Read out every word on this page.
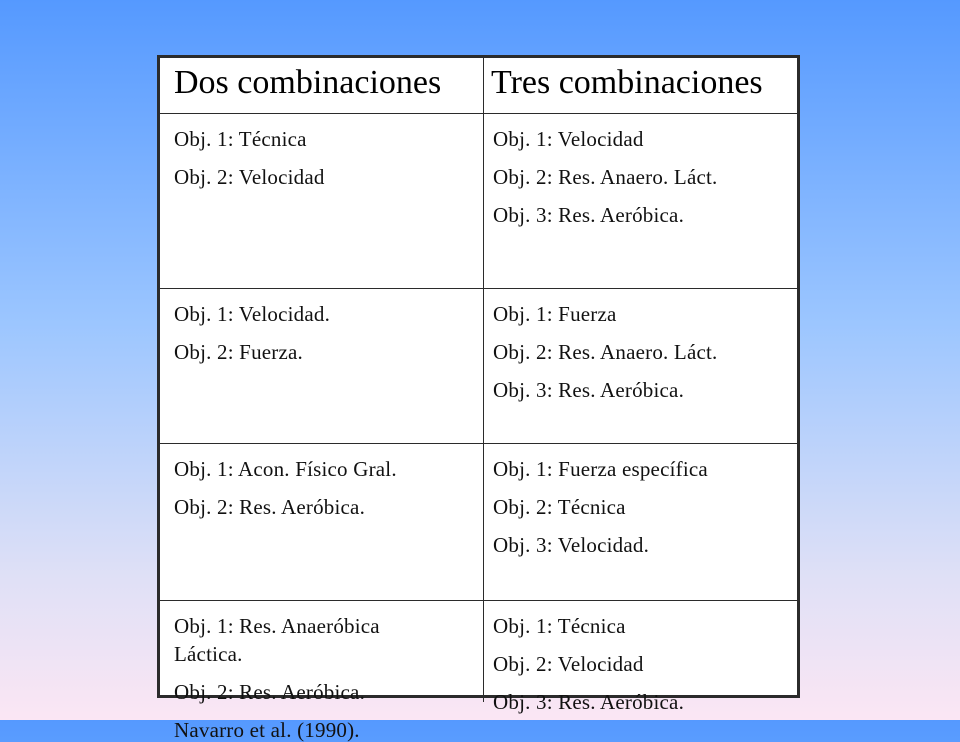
Dos combinaciones	Tres combinaciones
Obj. 1: Técnica
Obj. 2: Velocidad
Obj. 1: Velocidad
Obj. 2: Res. Anaero. Láct.
Obj. 3: Res. Aeróbica.
Obj. 1: Velocidad.
Obj. 2: Fuerza.
Obj. 1: Fuerza
Obj. 2: Res. Anaero. Láct.
Obj. 3: Res. Aeróbica.
Obj. 1: Acon. Físico Gral.
Obj. 2: Res. Aeróbica.
Obj. 1: Fuerza específica
Obj. 2: Técnica
Obj. 3: Velocidad.
Obj. 1: Res. Anaeróbica
Láctica.
Obj. 2: Res. Aeróbica.
Navarro et al. (1990).
Obj. 1: Técnica
Obj. 2: Velocidad
Obj. 3: Res. Aeróbica.
